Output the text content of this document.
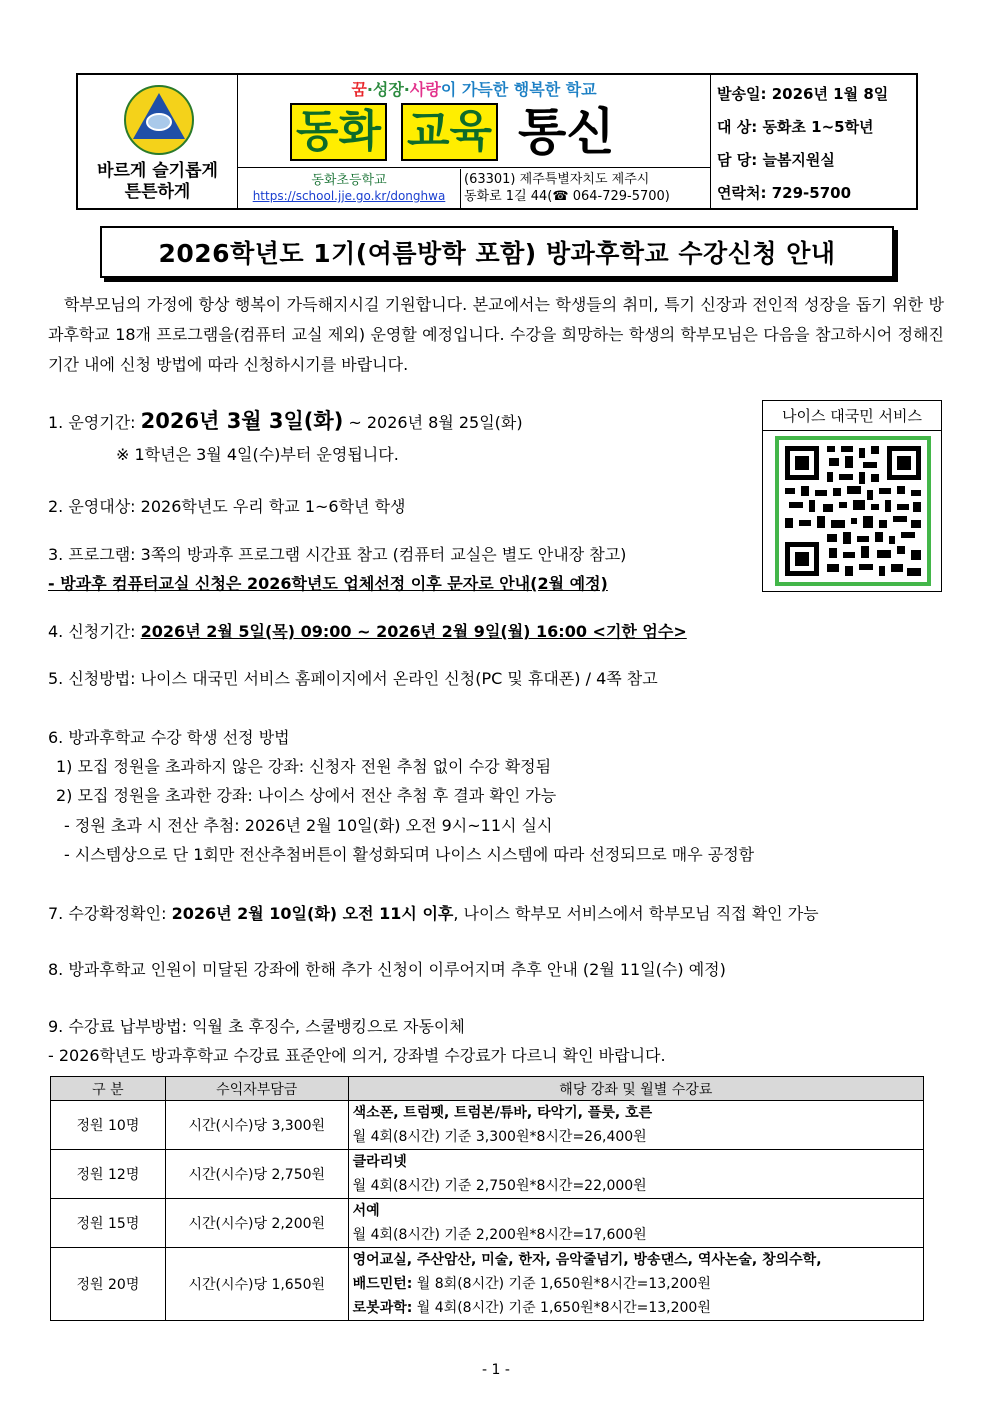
바르게 슬기롭게
튼튼하게
꿈·성장·사랑이 가득한 행복한 학교
동화 교육 통신
동화초등학교
https://school.jje.go.kr/donghwa
(63301) 제주특별자치도 제주시
동화로 1길 44(☎ 064-729-5700)
발송일: 2026년 1월 8일
대 상: 동화초 1~5학년
담 당: 늘봄지원실
연락처: 729-5700
2026학년도 1기(여름방학 포함) 방과후학교 수강신청 안내
학부모님의 가정에 항상 행복이 가득해지시길 기원합니다. 본교에서는 학생들의 취미, 특기 신장과 전인적 성장을 돕기 위한 방과후학교 18개 프로그램을(컴퓨터 교실 제외) 운영할 예정입니다. 수강을 희망하는 학생의 학부모님은 다음을 참고하시어 정해진 기간 내에 신청 방법에 따라 신청하시기를 바랍니다.
나이스 대국민 서비스
1. 운영기간: 2026년 3월 3일(화) ~ 2026년 8월 25일(화)
※ 1학년은 3월 4일(수)부터 운영됩니다.
2. 운영대상: 2026학년도 우리 학교 1~6학년 학생
3. 프로그램: 3쪽의 방과후 프로그램 시간표 참고 (컴퓨터 교실은 별도 안내장 참고)
- 방과후 컴퓨터교실 신청은 2026학년도 업체선정 이후 문자로 안내(2월 예정)
4. 신청기간: 2026년 2월 5일(목) 09:00 ~ 2026년 2월 9일(월) 16:00 <기한 엄수>
5. 신청방법: 나이스 대국민 서비스 홈페이지에서 온라인 신청(PC 및 휴대폰) / 4쪽 참고
6. 방과후학교 수강 학생 선정 방법
1) 모집 정원을 초과하지 않은 강좌: 신청자 전원 추첨 없이 수강 확정됨
2) 모집 정원을 초과한 강좌: 나이스 상에서 전산 추첨 후 결과 확인 가능
- 정원 초과 시 전산 추첨: 2026년 2월 10일(화) 오전 9시~11시 실시
- 시스템상으로 단 1회만 전산추첨버튼이 활성화되며 나이스 시스템에 따라 선정되므로 매우 공정함
7. 수강확정확인: 2026년 2월 10일(화) 오전 11시 이후, 나이스 학부모 서비스에서 학부모님 직접 확인 가능
8. 방과후학교 인원이 미달된 강좌에 한해 추가 신청이 이루어지며 추후 안내 (2월 11일(수) 예정)
9. 수강료 납부방법: 익월 초 후징수, 스쿨뱅킹으로 자동이체
- 2026학년도 방과후학교 수강료 표준안에 의거, 강좌별 수강료가 다르니 확인 바랍니다.
구 분	수익자부담금	해당 강좌 및 월별 수강료
정원 10명	시간(시수)당 3,300원	색소폰, 트럼펫, 트럼본/튜바, 타악기, 플룻, 호른
월 4회(8시간) 기준 3,300원*8시간=26,400원

정원 12명	시간(시수)당 2,750원	클라리넷
월 4회(8시간) 기준 2,750원*8시간=22,000원

정원 15명	시간(시수)당 2,200원	서예
월 4회(8시간) 기준 2,200원*8시간=17,600원

정원 20명	시간(시수)당 1,650원	영어교실, 주산암산, 미술, 한자, 음악줄넘기, 방송댄스, 역사논술, 창의수학,
배드민턴: 월 8회(8시간) 기준 1,650원*8시간=13,200원
로봇과학: 월 4회(8시간) 기준 1,650원*8시간=13,200원
- 1 -
